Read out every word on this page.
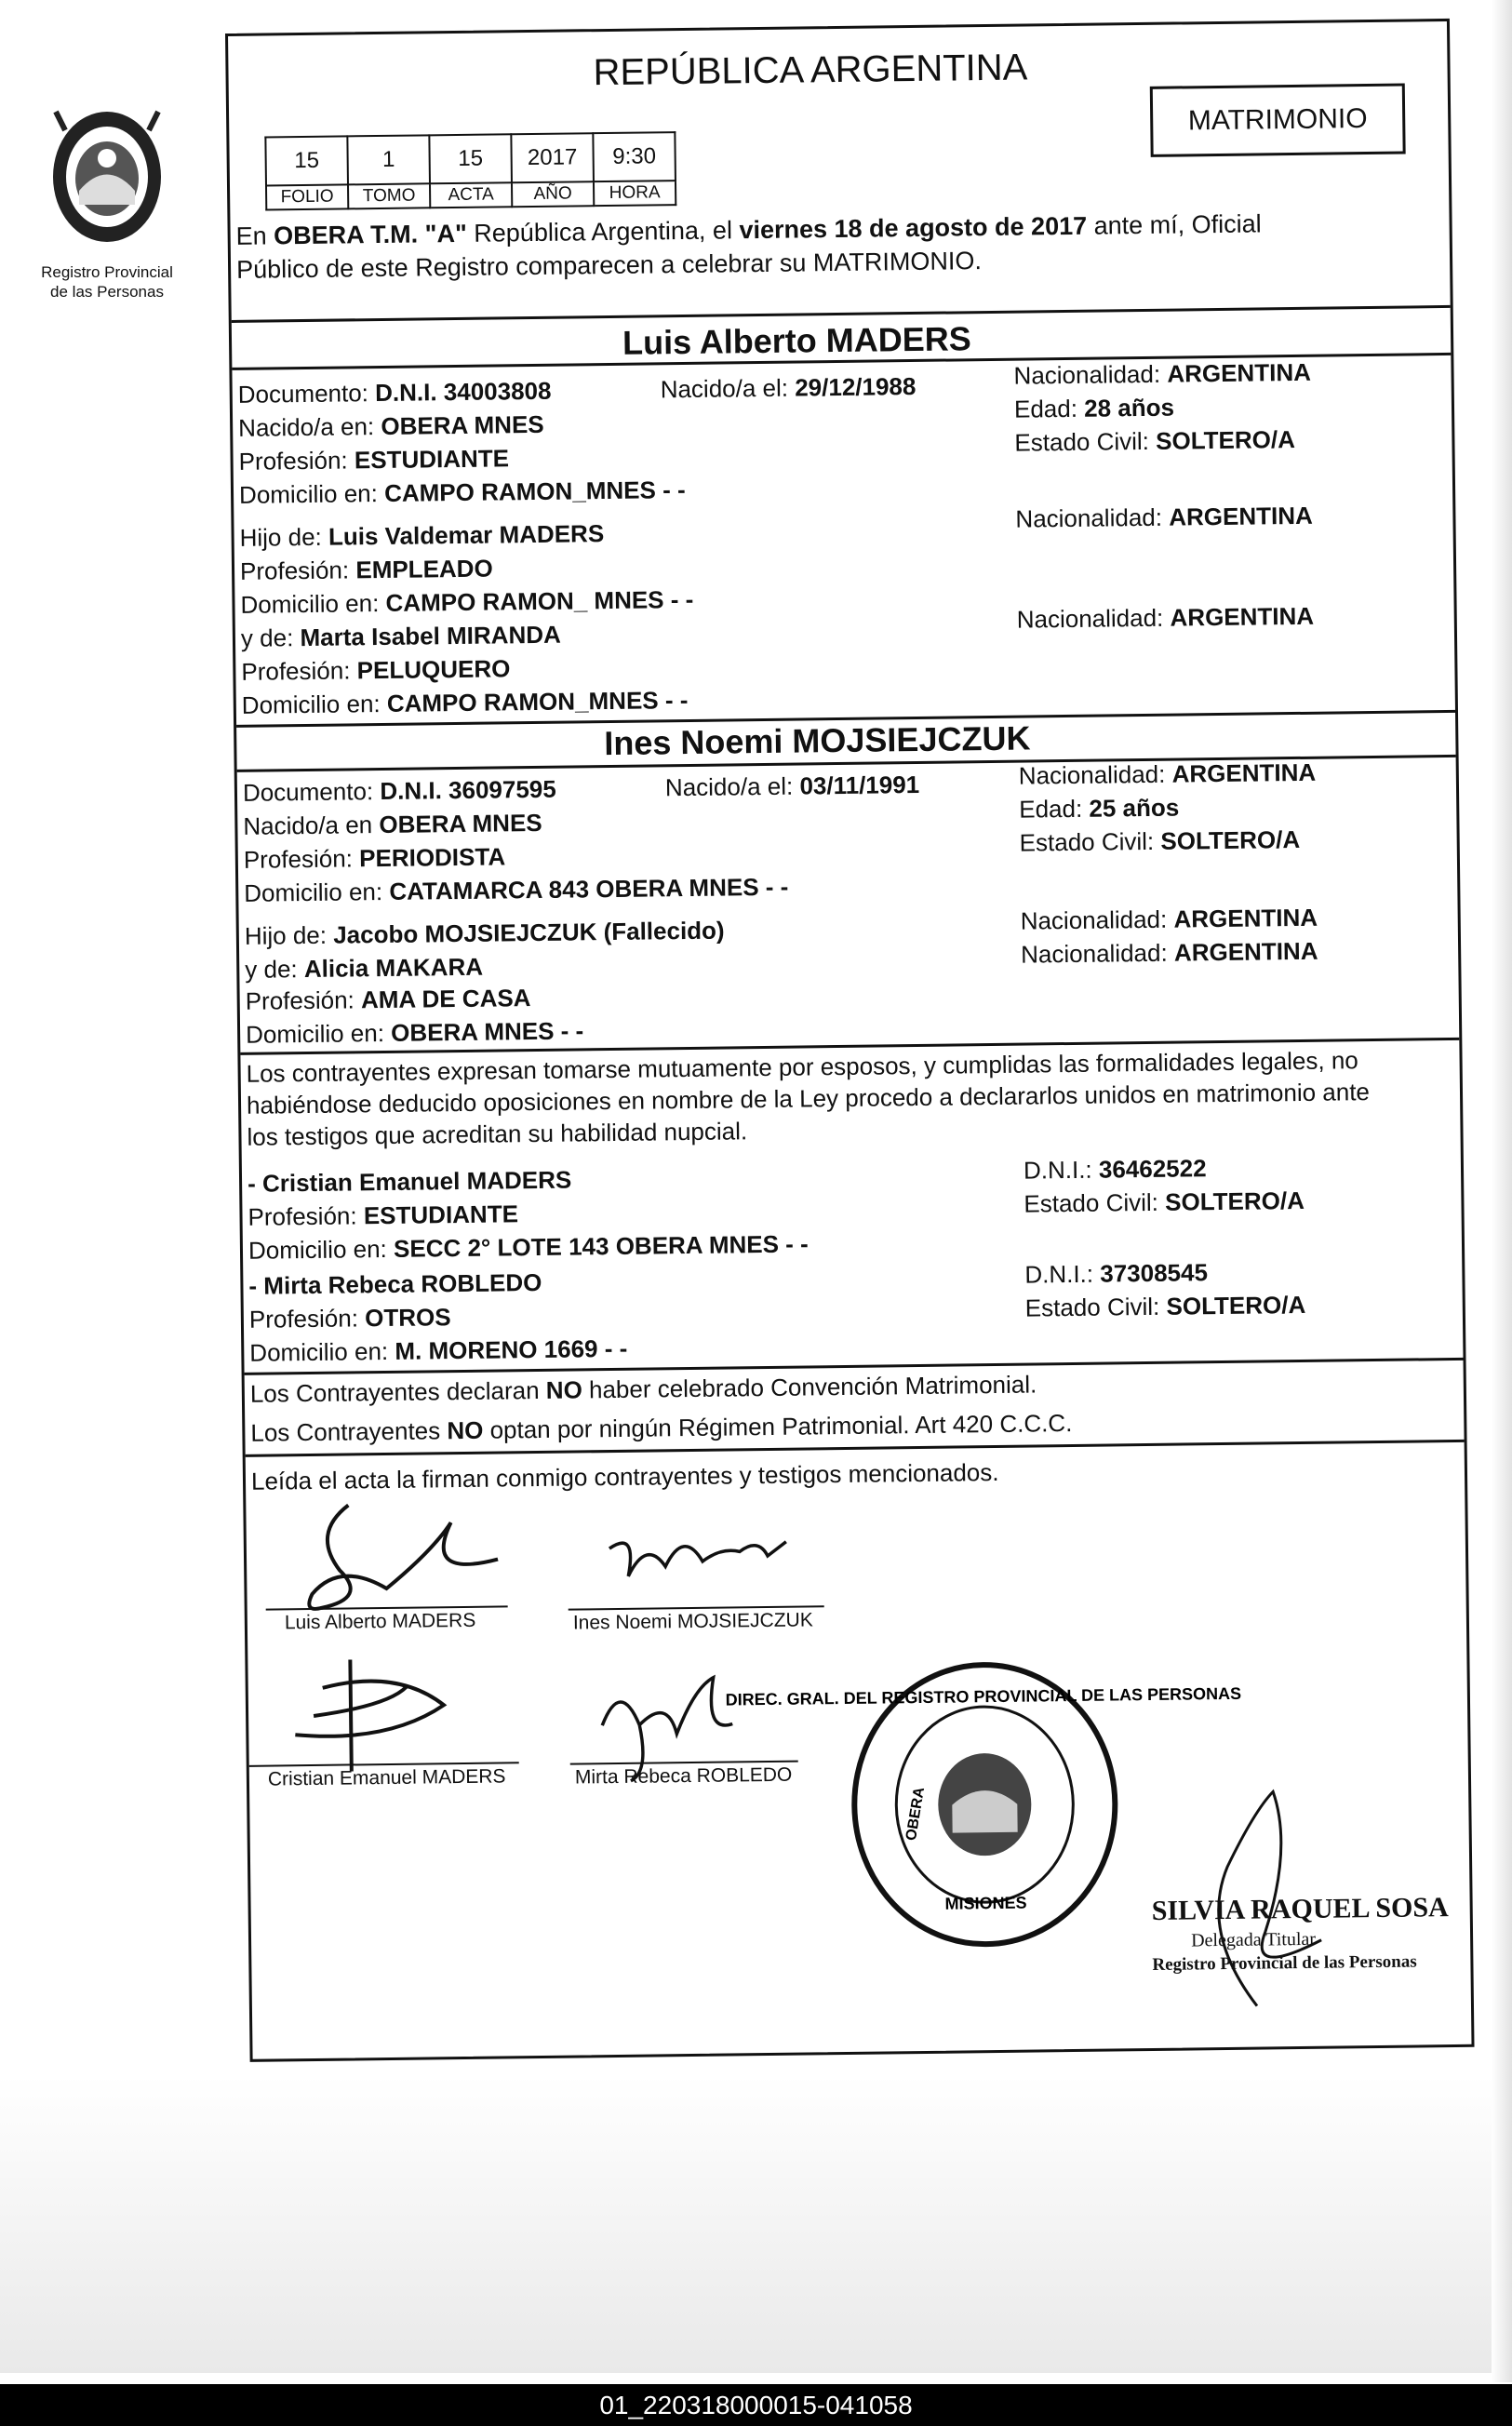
Registro Provincial
de las Personas
REPÚBLICA ARGENTINA
15	1	15	2017	9:30
FOLIO	TOMO	ACTA	AÑO	HORA
MATRIMONIO
En OBERA T.M. "A" República Argentina, el viernes 18 de agosto de 2017 ante mí, Oficial
Público de este Registro comparecen a celebrar su MATRIMONIO.
Luis Alberto MADERS
Documento: D.N.I. 34003808	Nacido/a el: 29/12/1988	Nacionalidad: ARGENTINA
Edad: 28 años
Estado Civil: SOLTERO/A
Nacido/a en: OBERA MNES
Profesión: ESTUDIANTE
Domicilio en: CAMPO RAMON_MNES - -
Hijo de: Luis Valdemar MADERS
Nacionalidad: ARGENTINA
Profesión: EMPLEADO
Domicilio en: CAMPO RAMON_ MNES - -
y de: Marta Isabel MIRANDA
Nacionalidad: ARGENTINA
Profesión: PELUQUERO
Domicilio en: CAMPO RAMON_MNES - -
Ines Noemi MOJSIEJCZUK
Documento: D.N.I. 36097595	Nacido/a el: 03/11/1991	Nacionalidad: ARGENTINA
Edad: 25 años
Estado Civil: SOLTERO/A
Nacido/a en OBERA MNES
Profesión: PERIODISTA
Domicilio en: CATAMARCA 843 OBERA MNES - -
Hijo de: Jacobo MOJSIEJCZUK (Fallecido)	Nacionalidad: ARGENTINA
y de: Alicia MAKARA	Nacionalidad: ARGENTINA
Profesión: AMA DE CASA
Domicilio en: OBERA MNES - -
Los contrayentes expresan tomarse mutuamente por esposos, y cumplidas las formalidades legales, no
habiéndose deducido oposiciones en nombre de la Ley procedo a declararlos unidos en matrimonio ante
los testigos que acreditan su habilidad nupcial.
- Cristian Emanuel MADERS	D.N.I.: 36462522
Profesión: ESTUDIANTE	Estado Civil: SOLTERO/A
Domicilio en: SECC 2° LOTE 143 OBERA MNES - -
- Mirta Rebeca ROBLEDO	D.N.I.: 37308545
Profesión: OTROS	Estado Civil: SOLTERO/A
Domicilio en: M. MORENO 1669 - -
Los Contrayentes declaran NO haber celebrado Convención Matrimonial.
Los Contrayentes NO optan por ningún Régimen Patrimonial. Art 420 C.C.C.
Leída el acta la firman conmigo contrayentes y testigos mencionados.
Luis Alberto MADERS	Ines Noemi MOJSIEJCZUK
Cristian Emanuel MADERS	Mirta Rebeca ROBLEDO
DIREC. GRAL. DEL REGISTRO PROVINCIAL DE LAS PERSONAS
OBERA
MISIONES	SILVIA RAQUEL SOSA
Delegada Titular
Registro Provincial de las Personas
01_220318000015-041058
